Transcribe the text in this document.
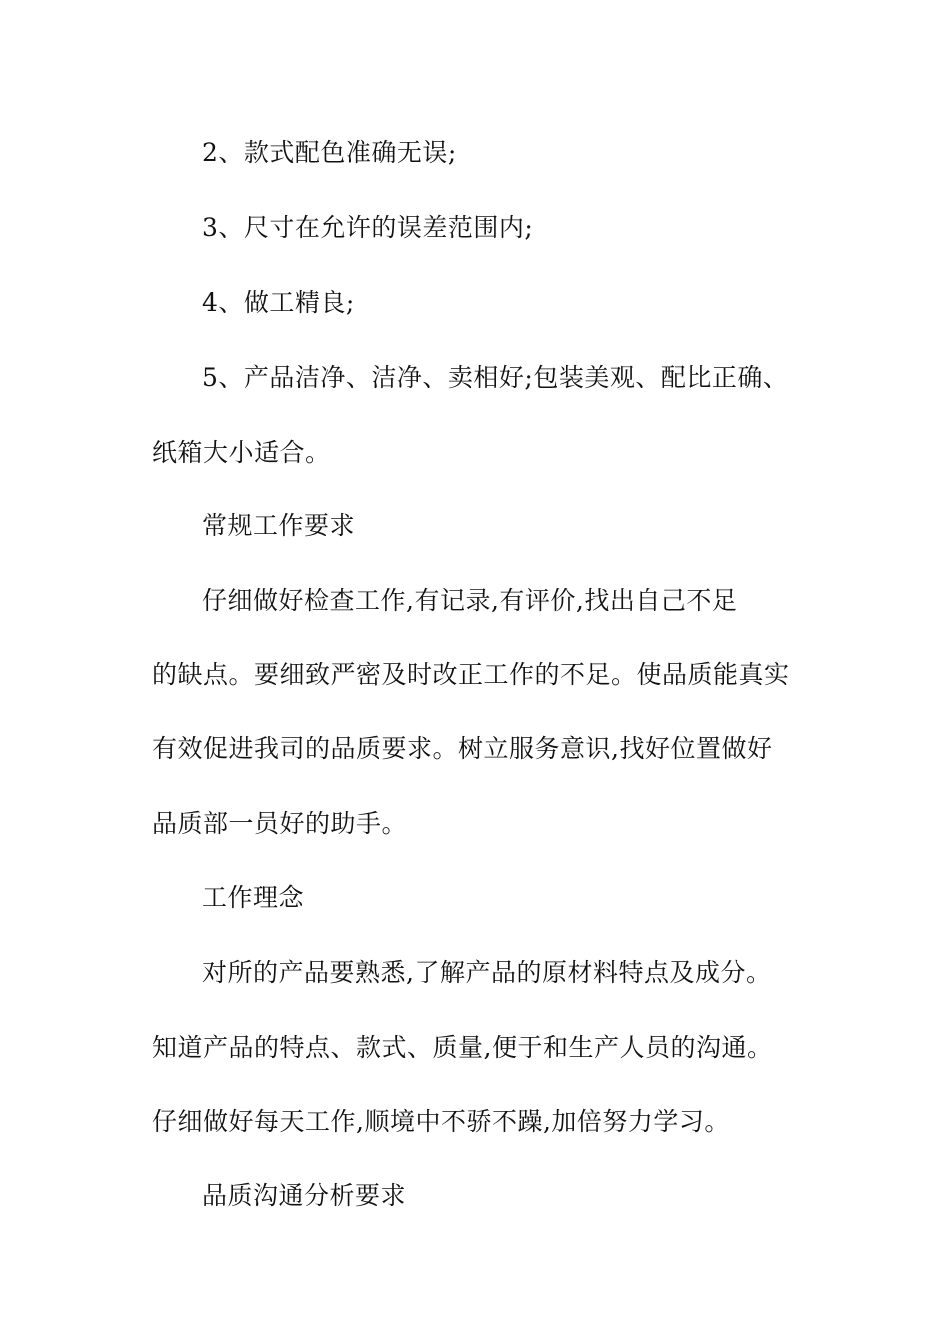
2、款式配色准确无误;
3、尺寸在允许的误差范围内;
4、做工精良;
5、产品洁净、洁净、卖相好;包装美观、配比正确、
纸箱大小适合。
常规工作要求
仔细做好检查工作,有记录,有评价,找出自己不足
的缺点。要细致严密及时改正工作的不足。使品质能真实
有效促进我司的品质要求。树立服务意识,找好位置做好
品质部一员好的助手。
工作理念
对所的产品要熟悉,了解产品的原材料特点及成分。
知道产品的特点、款式、质量,便于和生产人员的沟通。
仔细做好每天工作,顺境中不骄不躁,加倍努力学习。
品质沟通分析要求
